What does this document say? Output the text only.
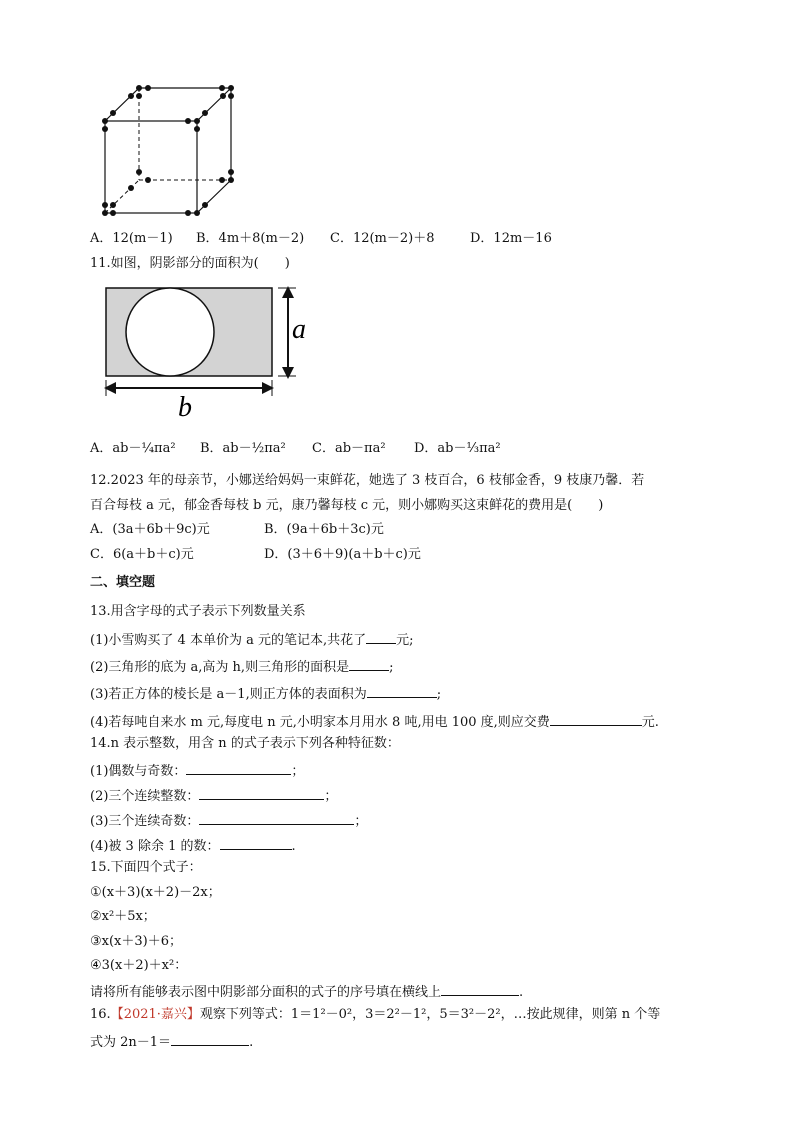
A．12(m－1) B．4m＋8(m－2) C．12(m－2)＋8	D．12m－16
11.如图，阴影部分的面积为(　　)
a
b
A．ab－¼πa² B．ab－½πa² C．ab－πa² D．ab－⅓πa²
12.2023 年的母亲节，小娜送给妈妈一束鲜花，她选了 3 枝百合，6 枝郁金香，9 枝康乃馨．若
百合每枝 a 元，郁金香每枝 b 元，康乃馨每枝 c 元，则小娜购买这束鲜花的费用是(　　)
A．(3a＋6b＋9c)元	B．(9a＋6b＋3c)元
C．6(a＋b＋c)元	D．(3＋6＋9)(a＋b＋c)元
二、填空题
13.用含字母的式子表示下列数量关系
(1)小雪购买了 4 本单价为 a 元的笔记本,共花了 元;
(2)三角形的底为 a,高为 h,则三角形的面积是	;
(3)若正方体的棱长是 a－1,则正方体的表面积为	;
(4)若每吨自来水 m 元,每度电 n 元,小明家本月用水 8 吨,用电 100 度,则应交费	元.
14.n 表示整数，用含 n 的式子表示下列各种特征数：
(1)偶数与奇数：	；
(2)三个连续整数：	；
(3)三个连续奇数：	；
(4)被 3 除余 1 的数：	.
15.下面四个式子：
①(x＋3)(x＋2)－2x；
②x²＋5x；
③x(x＋3)＋6；
④3(x＋2)＋x²：
请将所有能够表示图中阴影部分面积的式子的序号填在横线上	.
16.【2021·嘉兴】观察下列等式：1＝1²－0²，3＝2²－1²，5＝3²－2²，…按此规律，则第 n 个等
式为 2n－1＝	.
